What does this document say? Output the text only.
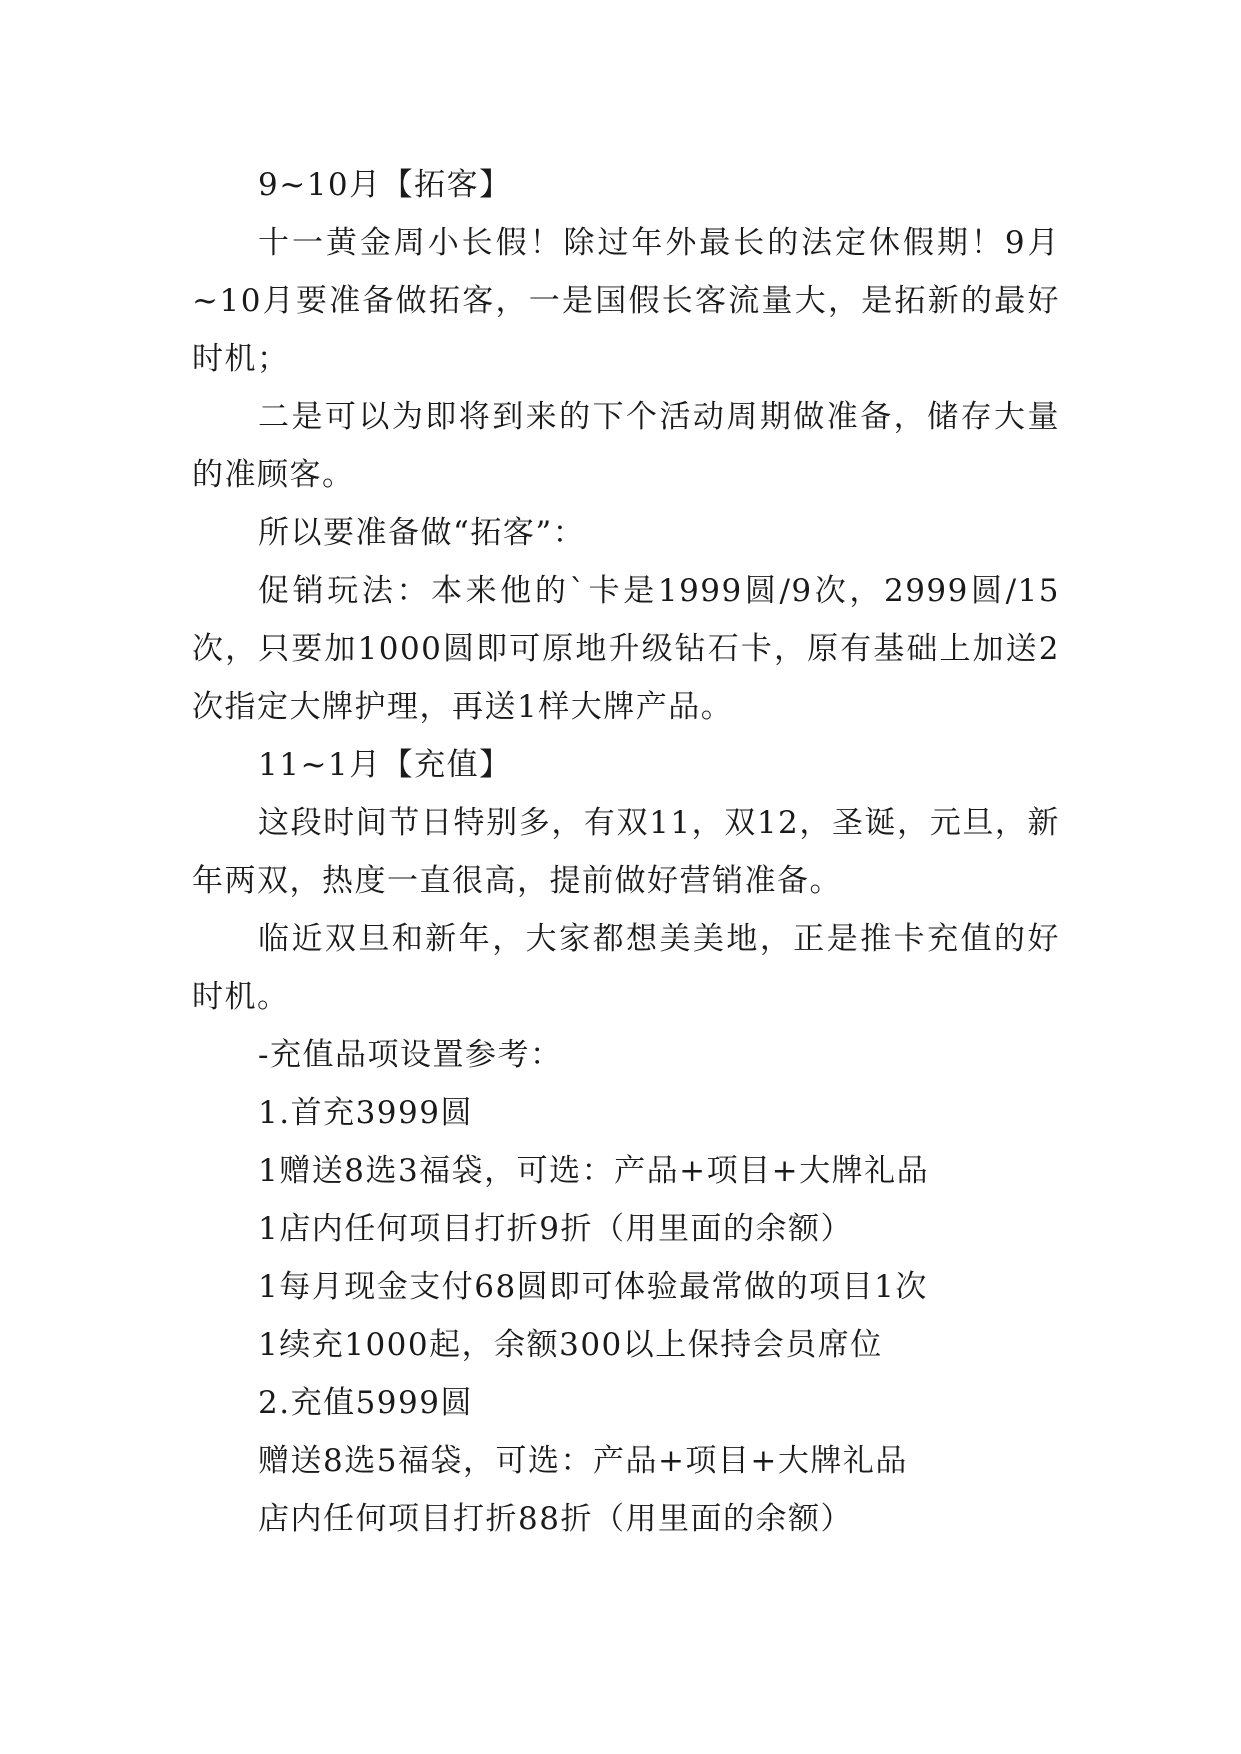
9~10月【拓客】

十一黄金周小长假！除过年外最长的法定休假期！9月~10月要准备做拓客，一是国假长客流量大，是拓新的最好时机；

二是可以为即将到来的下个活动周期做准备，储存大量的准顾客。

所以要准备做“拓客”：

促销玩法：本来他的`卡是1999圆/9次，2999圆/15次，只要加1000圆即可原地升级钻石卡，原有基础上加送2次指定大牌护理，再送1样大牌产品。

11~1月【充值】

这段时间节日特别多，有双11，双12，圣诞，元旦，新年两双，热度一直很高，提前做好营销准备。

临近双旦和新年，大家都想美美地，正是推卡充值的好时机。

-充值品项设置参考：

1.首充3999圆

1赠送8选3福袋，可选：产品+项目+大牌礼品

1店内任何项目打折9折（用里面的余额）

1每月现金支付68圆即可体验最常做的项目1次

1续充1000起，余额300以上保持会员席位

2.充值5999圆

赠送8选5福袋，可选：产品+项目+大牌礼品

店内任何项目打折88折（用里面的余额）
